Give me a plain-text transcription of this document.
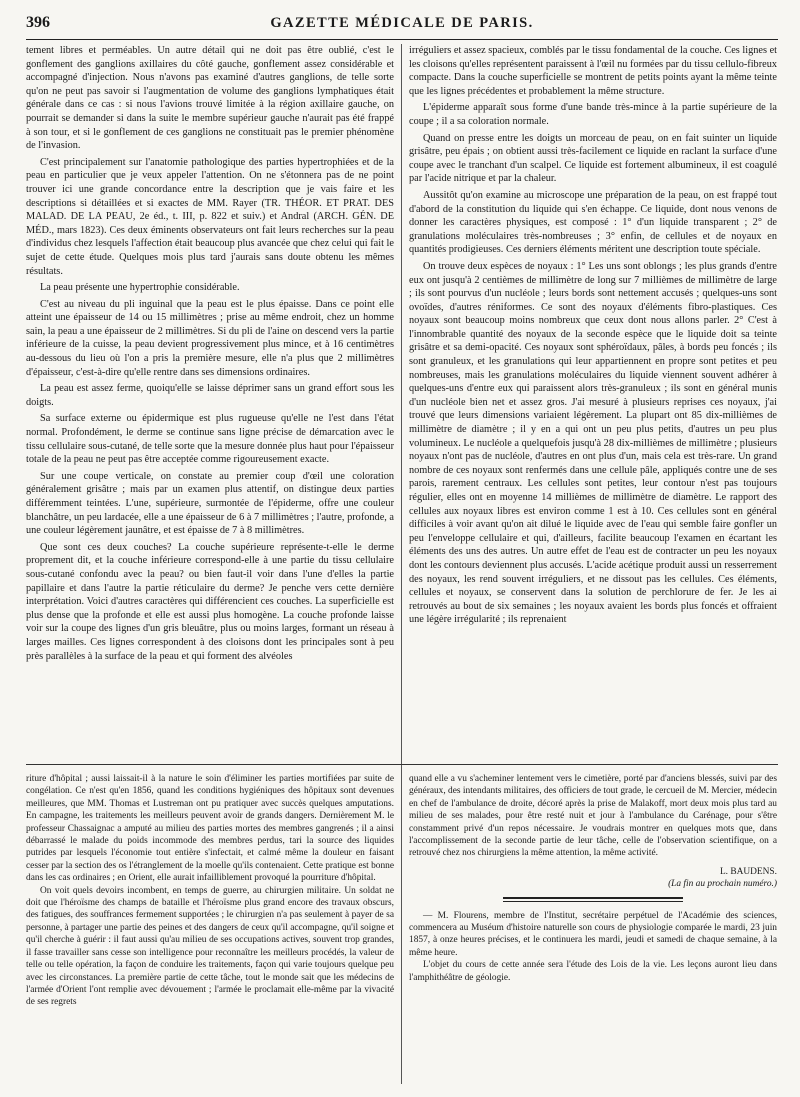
396	GAZETTE MÉDICALE DE PARIS.

tement libres et perméables. Un autre détail qui ne doit pas être oublié, c'est le gonflement des ganglions axillaires du côté gauche, gonflement assez considérable et accompagné d'injection. Nous n'avons pas examiné d'autres ganglions, de telle sorte qu'on ne peut pas savoir si l'augmentation de volume des ganglions lymphatiques était générale dans ce cas : si nous l'avions trouvé limitée à la région axillaire gauche, on pourrait se demander si dans la suite le membre supérieur gauche n'aurait pas été frappé à son tour, et si le gonflement de ces ganglions ne constituait pas le premier phénomène de l'invasion.

C'est principalement sur l'anatomie pathologique des parties hypertrophiées et de la peau en particulier que je veux appeler l'attention. On ne s'étonnera pas de ne point trouver ici une grande concordance entre la description que je vais faire et les descriptions si détaillées et si exactes de MM. Rayer (TR. THÉOR. ET PRAT. DES MALAD. DE LA PEAU, 2e éd., t. III, p. 822 et suiv.) et Andral (ARCH. GÉN. DE MÉD., mars 1823). Ces deux éminents observateurs ont fait leurs recherches sur la peau d'individus chez lesquels l'affection était beaucoup plus avancée que chez celui qui fait le sujet de cette étude. Quelques mois plus tard j'aurais sans doute obtenu les mêmes résultats.

La peau présente une hypertrophie considérable.

C'est au niveau du pli inguinal que la peau est le plus épaisse. Dans ce point elle atteint une épaisseur de 14 ou 15 millimètres ; prise au même endroit, chez un homme sain, la peau a une épaisseur de 2 millimètres. Si du pli de l'aine on descend vers la partie inférieure de la cuisse, la peau devient progressivement plus mince, et à 16 centimètres au-dessous du lieu où l'on a pris la première mesure, elle n'a plus que 2 millimètres d'épaisseur, c'est-à-dire qu'elle rentre dans ses dimensions ordinaires.

La peau est assez ferme, quoiqu'elle se laisse déprimer sans un grand effort sous les doigts.

Sa surface externe ou épidermique est plus rugueuse qu'elle ne l'est dans l'état normal. Profondément, le derme se continue sans ligne précise de démarcation avec le tissu cellulaire sous-cutané, de telle sorte que la mesure donnée plus haut pour l'épaisseur totale de la peau ne peut pas être acceptée comme rigoureusement exacte.

Sur une coupe verticale, on constate au premier coup d'œil une coloration généralement grisâtre ; mais par un examen plus attentif, on distingue deux parties différemment teintées. L'une, supérieure, surmontée de l'épiderme, offre une couleur blanchâtre, un peu lardacée, elle a une épaisseur de 6 à 7 millimètres ; l'autre, profonde, a une couleur légèrement jaunâtre, et est épaisse de 7 à 8 millimètres.

Que sont ces deux couches? La couche supérieure représente-t-elle le derme proprement dit, et la couche inférieure correspond-elle à une partie du tissu cellulaire sous-cutané confondu avec la peau? ou bien faut-il voir dans l'une d'elles la partie papillaire et dans l'autre la partie réticulaire du derme? Je penche vers cette dernière interprétation. Voici d'autres caractères qui différencient ces couches. La superficielle est plus dense que la profonde et elle est aussi plus homogène. La couche profonde laisse voir sur la coupe des lignes d'un gris bleuâtre, plus ou moins larges, formant un réseau à larges mailles. Ces lignes correspondent à des cloisons dont les principales sont à peu près parallèles à la surface de la peau et qui forment des alvéoles

irréguliers et assez spacieux, comblés par le tissu fondamental de la couche. Ces lignes et les cloisons qu'elles représentent paraissent à l'œil nu formées par du tissu cellulo-fibreux compacte. Dans la couche superficielle se montrent de petits points ayant la même teinte que les lignes précédentes et probablement la même structure.

L'épiderme apparaît sous forme d'une bande très-mince à la partie supérieure de la coupe ; il a sa coloration normale.

Quand on presse entre les doigts un morceau de peau, on en fait suinter un liquide grisâtre, peu épais ; on obtient aussi très-facilement ce liquide en raclant la surface d'une coupe avec le tranchant d'un scalpel. Ce liquide est fortement albumineux, il est coagulé par l'acide nitrique et par la chaleur.

Aussitôt qu'on examine au microscope une préparation de la peau, on est frappé tout d'abord de la constitution du liquide qui s'en échappe. Ce liquide, dont nous venons de donner les caractères physiques, est composé : 1° d'un liquide transparent ; 2° de granulations moléculaires très-nombreuses ; 3° enfin, de cellules et de noyaux en quantités prodigieuses. Ces derniers éléments méritent une description toute spéciale.

On trouve deux espèces de noyaux : 1° Les uns sont oblongs ; les plus grands d'entre eux ont jusqu'à 2 centièmes de millimètre de long sur 7 millièmes de millimètre de large ; ils sont pourvus d'un nucléole ; leurs bords sont nettement accusés ; quelques-uns sont ovoïdes, d'autres réniformes. Ce sont des noyaux d'éléments fibro-plastiques. Ces noyaux sont beaucoup moins nombreux que ceux dont nous allons parler. 2° C'est à l'innombrable quantité des noyaux de la seconde espèce que le liquide doit sa teinte grisâtre et sa demi-opacité. Ces noyaux sont sphéroïdaux, pâles, à bords peu foncés ; ils sont granuleux, et les granulations qui leur appartiennent en propre sont petites et peu nombreuses, mais les granulations moléculaires du liquide viennent souvent adhérer à quelques-uns d'entre eux qui paraissent alors très-granuleux ; ils sont en général munis d'un nucléole bien net et assez gros. J'ai mesuré à plusieurs reprises ces noyaux, j'ai trouvé que leurs dimensions variaient légèrement. La plupart ont 85 dix-millièmes de millimètre de diamètre ; il y en a qui ont un peu plus petits, d'autres un peu plus volumineux. Le nucléole a quelquefois jusqu'à 28 dix-millièmes de millimètre ; plusieurs noyaux n'ont pas de nucléole, d'autres en ont plus d'un, mais cela est très-rare. Un grand nombre de ces noyaux sont renfermés dans une cellule pâle, appliqués contre une de ses parois, rarement centraux. Les cellules sont petites, leur contour n'est pas toujours régulier, elles ont en moyenne 14 millièmes de millimètre de diamètre. Le rapport des cellules aux noyaux libres est environ comme 1 est à 10. Ces cellules sont en général difficiles à voir avant qu'on ait dilué le liquide avec de l'eau qui semble faire gonfler un peu l'enveloppe cellulaire et qui, d'ailleurs, facilite beaucoup l'examen en écartant les éléments des uns des autres. Un autre effet de l'eau est de contracter un peu les noyaux dont les contours deviennent plus accusés. L'acide acétique produit aussi un resserrement des noyaux, les rend souvent irréguliers, et ne dissout pas les cellules. Ces éléments, cellules et noyaux, se conservent dans la solution de perchlorure de fer. Je les ai retrouvés au bout de six semaines ; les noyaux avaient les bords plus foncés et offraient une légère irrégularité ; ils reprenaient

riture d'hôpital ; aussi laissait-il à la nature le soin d'éliminer les parties mortifiées par suite de congélation. Ce n'est qu'en 1856, quand les conditions hygiéniques des hôpitaux sont devenues meilleures, que MM. Thomas et Lustreman ont pu pratiquer avec succès quelques amputations. En campagne, les traitements les meilleurs peuvent avoir de grands dangers. Dernièrement M. le professeur Chassaignac a amputé au milieu des parties mortes des membres gangrenés ; il a ainsi débarrassé le malade du poids incommode des membres perdus, tari la source des liquides putrides par lesquels l'économie tout entière s'infectait, et calmé même la douleur en faisant cesser par la section des os l'étranglement de la moelle qu'ils contenaient. Cette pratique est bonne dans les cas ordinaires ; en Orient, elle aurait infailliblement provoqué la pourriture d'hôpital.

On voit quels devoirs incombent, en temps de guerre, au chirurgien militaire. Un soldat ne doit que l'héroïsme des champs de bataille et l'héroïsme plus grand encore des travaux obscurs, des fatigues, des souffrances fermement supportées ; le chirurgien n'a pas seulement à payer de sa personne, à partager une partie des peines et des dangers de ceux qu'il accompagne, qu'il soigne et qu'il cherche à guérir : il faut aussi qu'au milieu de ses occupations actives, souvent trop grandes, il fasse travailler sans cesse son intelligence pour reconnaître les meilleurs procédés, la valeur de telle ou telle opération, la façon de conduire les traitements, façon qui varie toujours quelque peu avec les circonstances. La première partie de cette tâche, tout le monde sait que les médecins de l'armée d'Orient l'ont remplie avec dévouement ; l'armée le proclamait elle-même par la vivacité de ses regrets

quand elle a vu s'acheminer lentement vers le cimetière, porté par d'anciens blessés, suivi par des généraux, des intendants militaires, des officiers de tout grade, le cercueil de M. Mercier, médecin en chef de l'ambulance de droite, décoré après la prise de Malakoff, mort deux mois plus tard au milieu de ses malades, pour être resté nuit et jour à l'ambulance du Carénage, pour s'être constamment privé d'un repos nécessaire. Je voudrais montrer en quelques mots que, dans l'accomplissement de la seconde partie de leur tâche, celle de l'observation scientifique, on a retrouvé chez nos chirurgiens la même attention, la même activité.

L. BAUDENS.

(La fin au prochain numéro.)

— M. Flourens, membre de l'Institut, secrétaire perpétuel de l'Académie des sciences, commencera au Muséum d'histoire naturelle son cours de physiologie comparée le mardi, 23 juin 1857, à onze heures précises, et le continuera les mardi, jeudi et samedi de chaque semaine, à la même heure.

L'objet du cours de cette année sera l'étude des Lois de la vie. Les leçons auront lieu dans l'amphithéâtre de géologie.
